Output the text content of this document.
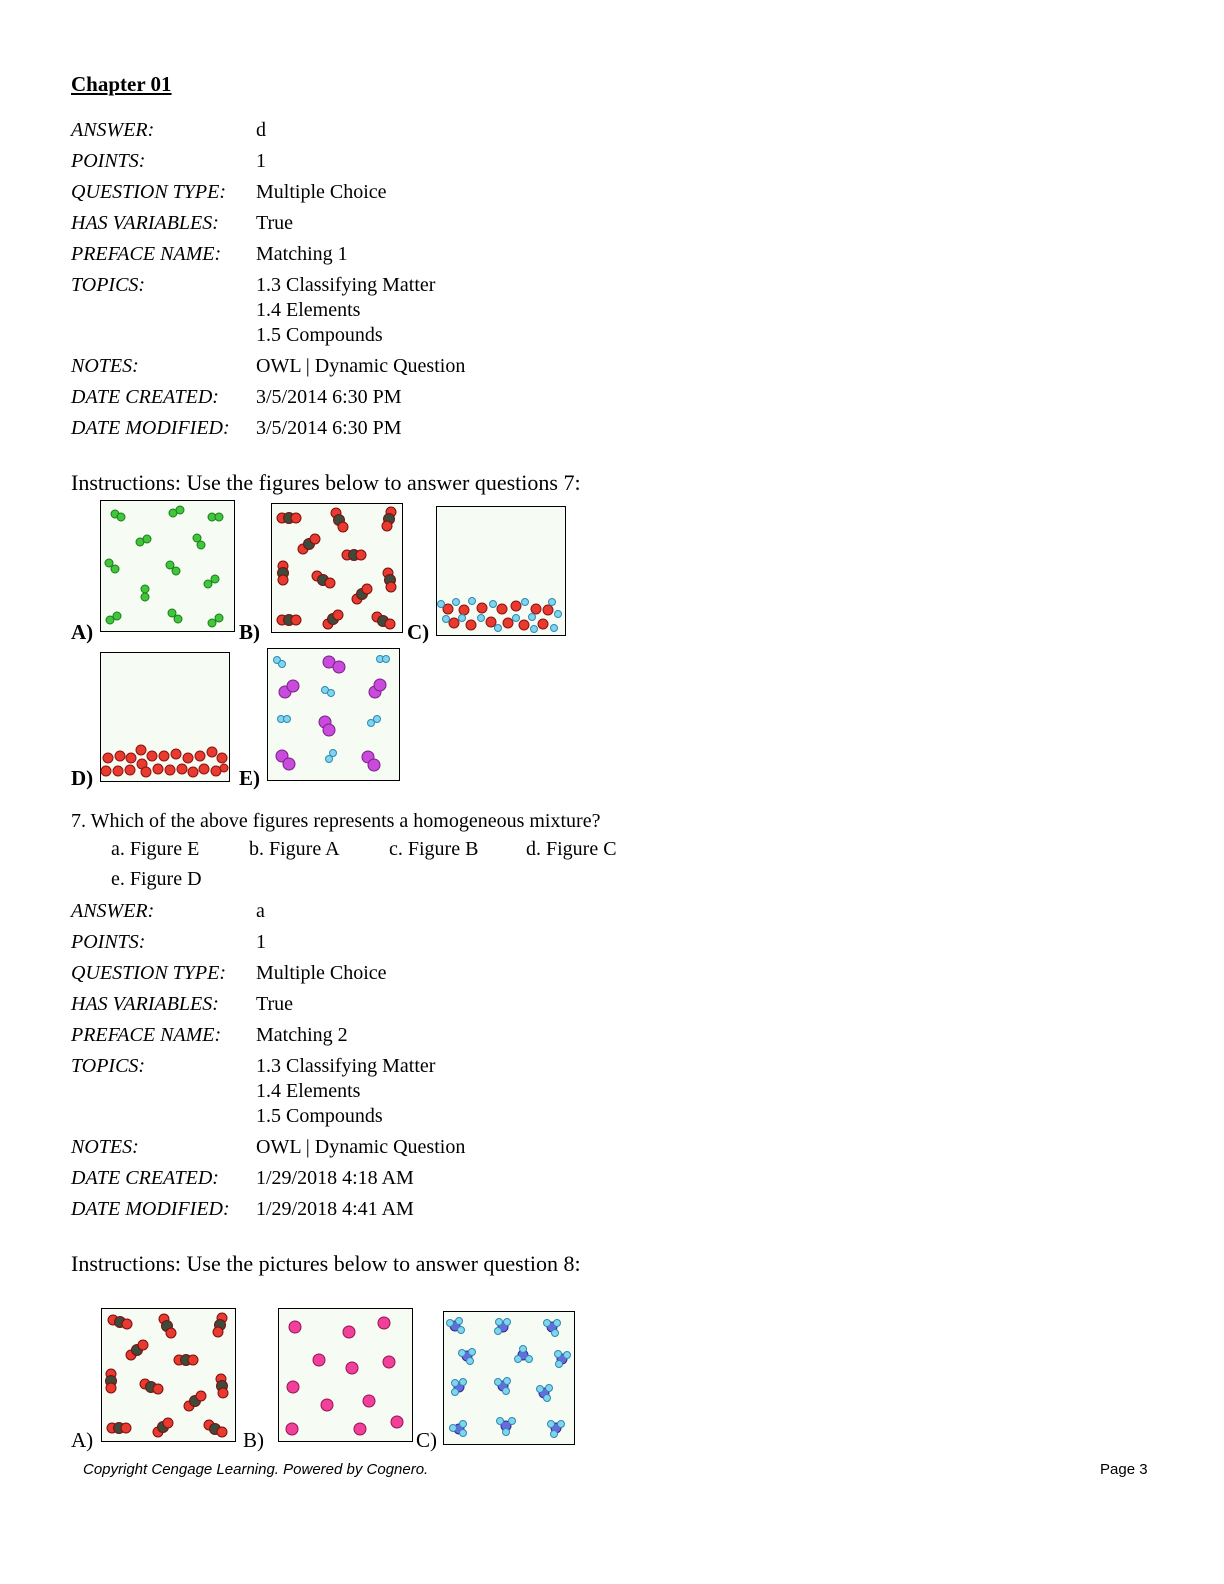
Chapter 01
ANSWER:	d
POINTS:	1
QUESTION TYPE:	Multiple Choice
HAS VARIABLES:	True
PREFACE NAME:	Matching 1
TOPICS:	1.3 Classifying Matter
1.4 Elements
1.5 Compounds
NOTES:	OWL | Dynamic Question
DATE CREATED:	3/5/2014 6:30 PM
DATE MODIFIED:	3/5/2014 6:30 PM
Instructions: Use the figures below to answer questions 7:
A)	B)	C)
D)	E)
7. Which of the above figures represents a homogeneous mixture?
a. Figure E b. Figure A c. Figure B d. Figure C
e. Figure D
ANSWER:	a
POINTS:	1
QUESTION TYPE:	Multiple Choice
HAS VARIABLES:	True
PREFACE NAME:	Matching 2
TOPICS:	1.3 Classifying Matter
1.4 Elements
1.5 Compounds
NOTES:	OWL | Dynamic Question
DATE CREATED:	1/29/2018 4:18 AM
DATE MODIFIED:	1/29/2018 4:41 AM
Instructions: Use the pictures below to answer question 8:
A)	B)	C)
Copyright Cengage Learning. Powered by Cognero.	Page 3
